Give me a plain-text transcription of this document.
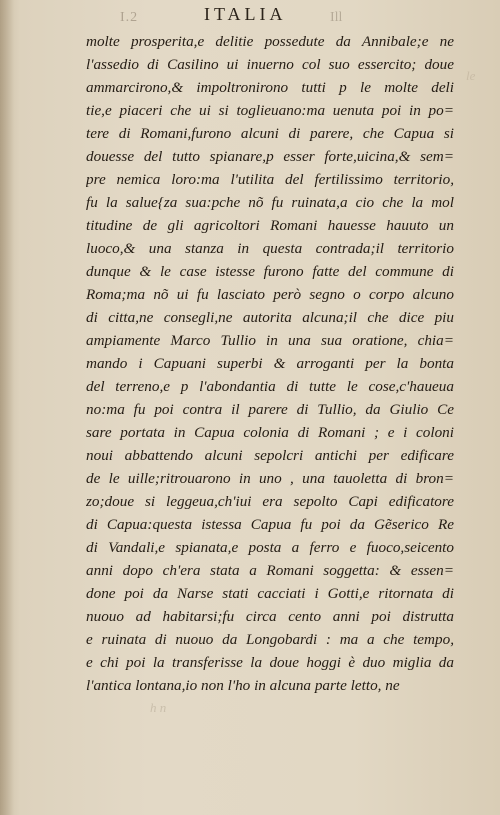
I.2	ITALIA	Ill
molte prosperita,e delitie possedute da Annibale;e ne
l'assedio di Casilino ui inuerno col suo essercito; doue
ammarcirono,& impoltronirono tutti p le molte deli
tie,e piaceri che ui si toglieuano:ma uenuta poi in po=
tere di Romani,furono alcuni di parere, che Capua si
douesse del tutto spianare,p esser forte,uicina,& sem=
pre nemica loro:ma l'utilita del fertilissimo territorio,
fu la salue{za sua:pche nõ fu ruinata,a cio che la mol
titudine de gli agricoltori Romani hauesse hauuto un
luoco,& una stanza in questa contrada;il territorio
dunque & le case istesse furono fatte del commune di
Roma;ma nõ ui fu lasciato però segno o corpo alcuno
di citta,ne consegli,ne autorita alcuna;il che dice piu
ampiamente Marco Tullio in una sua oratione, chia=
mando i Capuani superbi & arroganti per la bonta
del terreno,e p l'abondantia di tutte le cose,c'haueua
no:ma fu poi contra il parere di Tullio, da Giulio Ce
sare portata in Capua colonia di Romani ; e i coloni
noui abbattendo alcuni sepolcri antichi per edificare
de le uille;ritrouarono in uno , una tauoletta di bron=
zo;doue si leggeua,ch'iui era sepolto Capi edificatore
di Capua:questa istessa Capua fu poi da Gẽserico Re
di Vandali,e spianata,e posta a ferro e fuoco,seicento
anni dopo ch'era stata a Romani soggetta: & essen=
done poi da Narse stati cacciati i Gotti,e ritornata di
nuouo ad habitarsi;fu circa cento anni poi distrutta
e ruinata di nuouo da Longobardi : ma a che tempo,
e chi poi la transferisse la doue hoggi è duo miglia da
l'antica lontana,io non l'ho in alcuna parte letto, ne
le
h n
